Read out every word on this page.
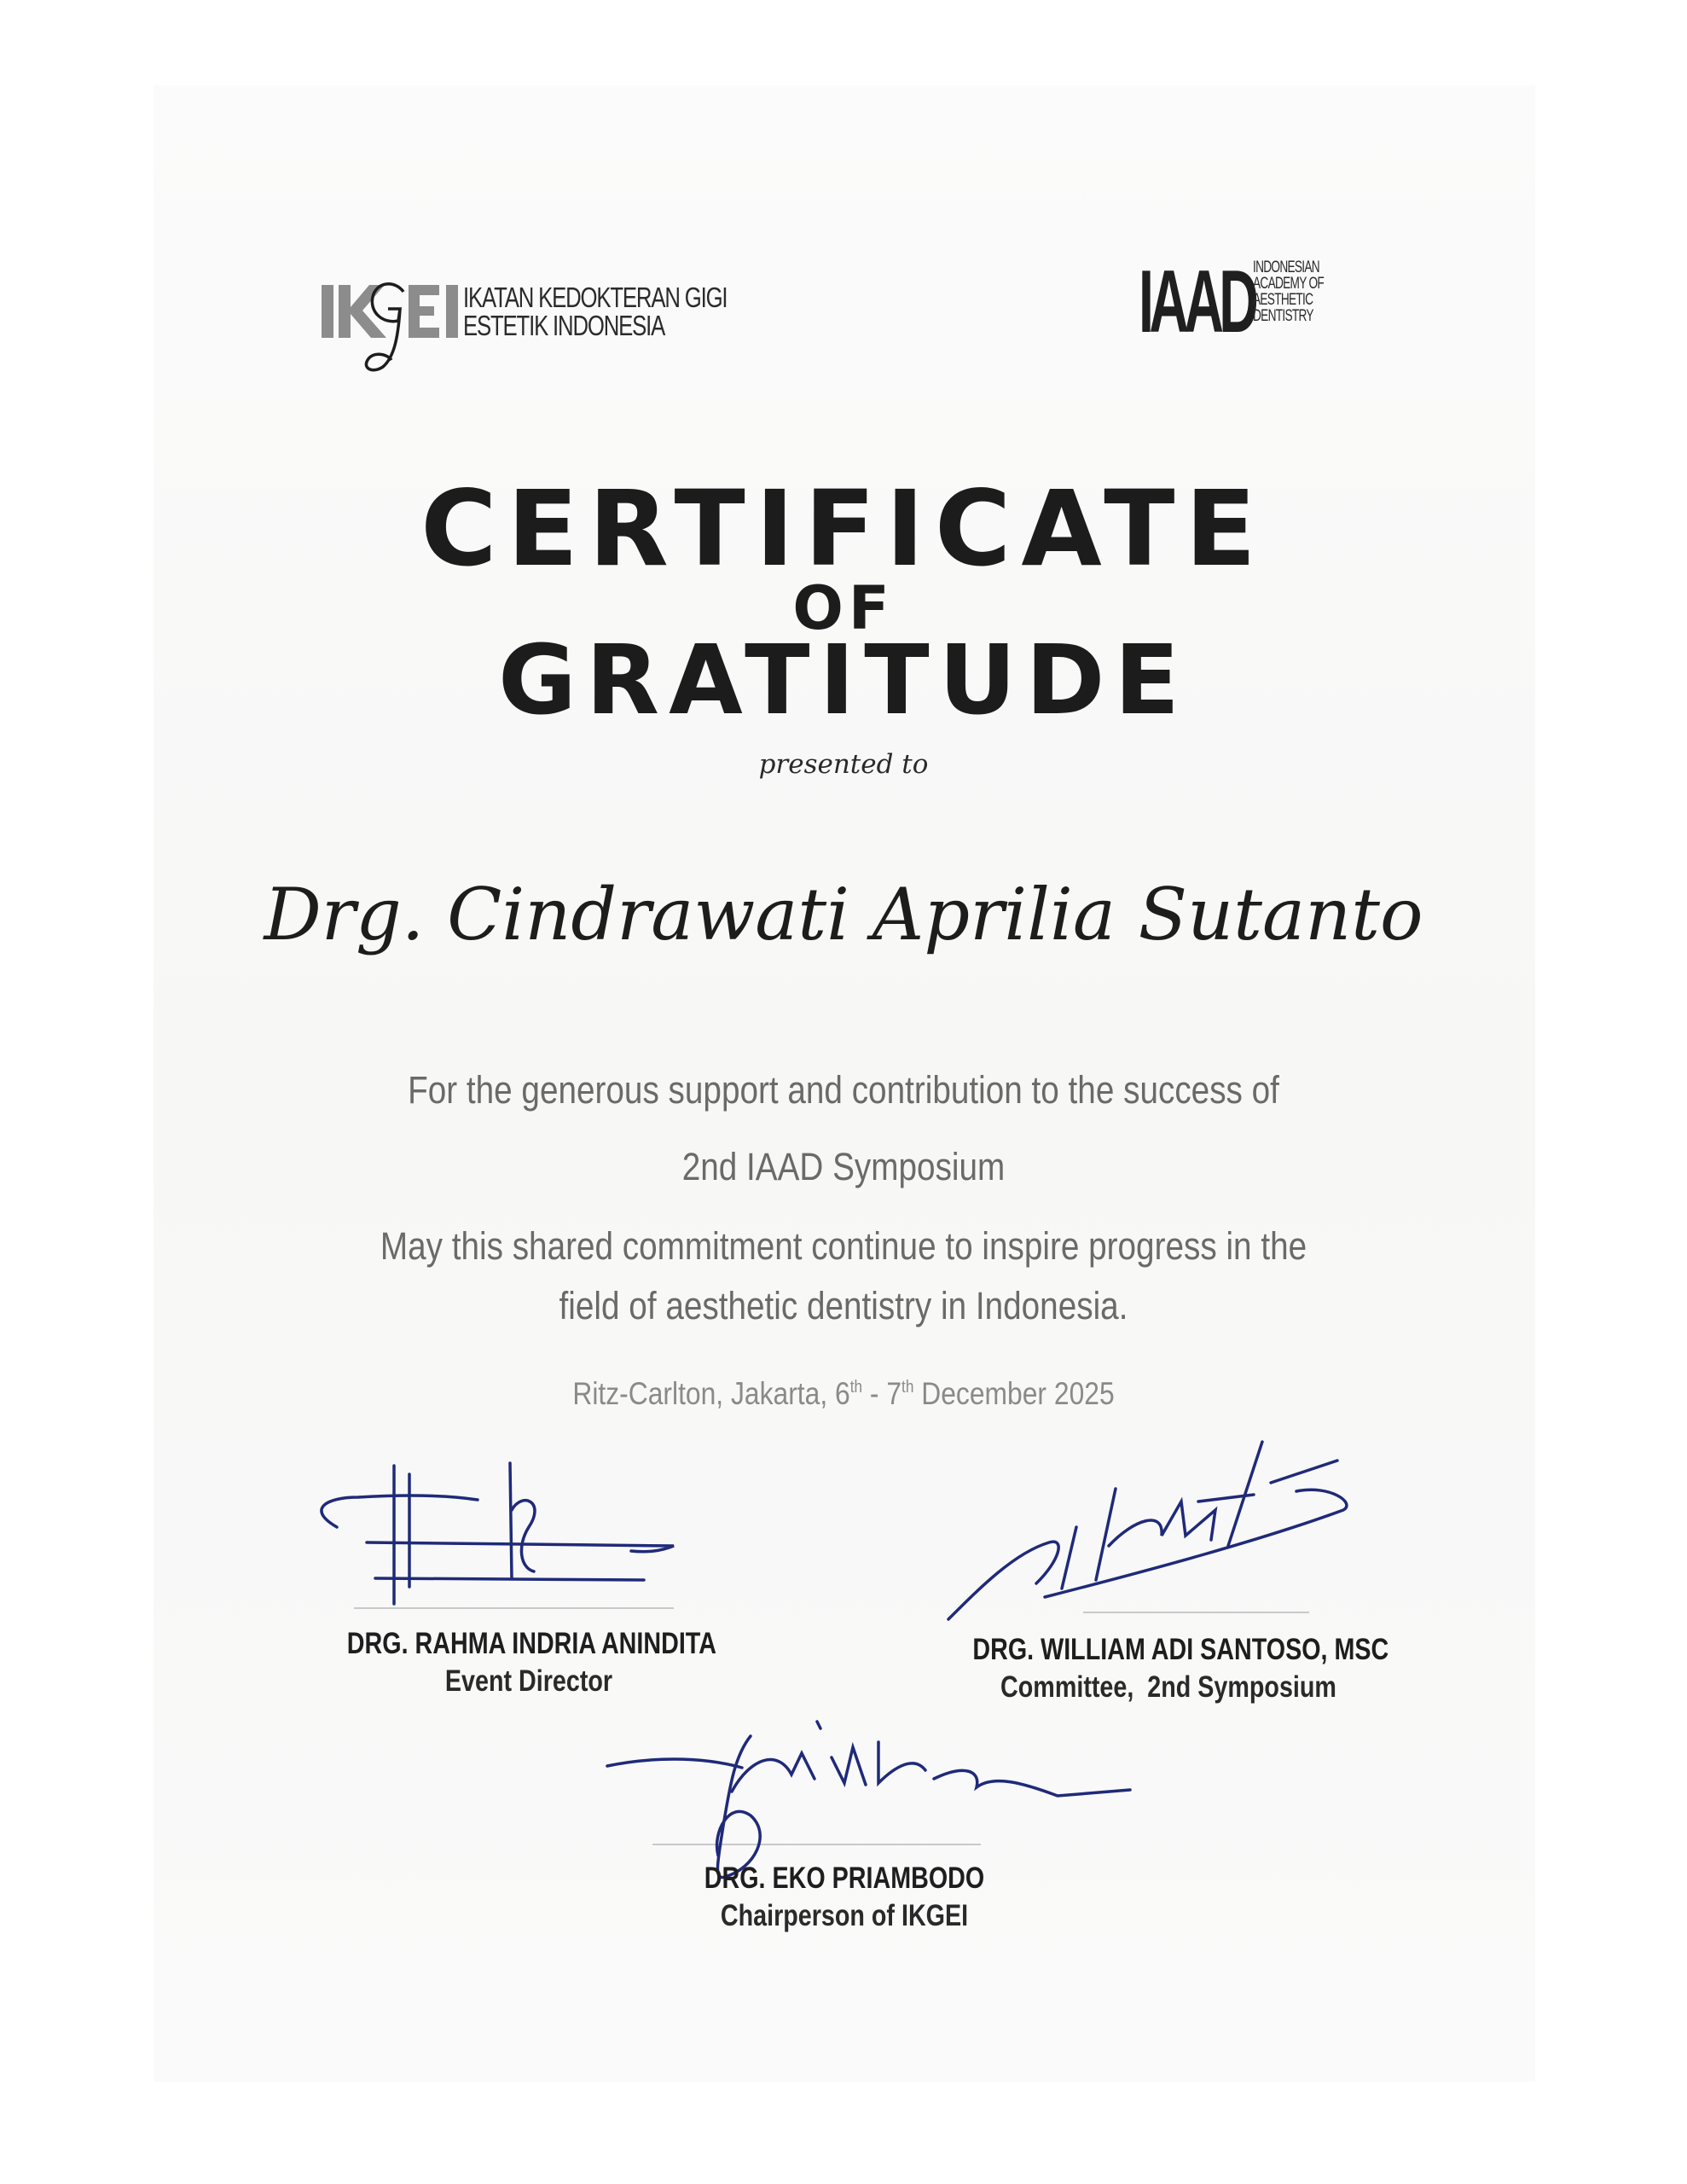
IKATAN KEDOKTERAN GIGI
ESTETIK INDONESIA	IAAD
INDONESIAN
ACADEMY OF
AESTHETIC
DENTISTRY
CERTIFICATE
OF
GRATITUDE
presented to
Drg. Cindrawati Aprilia Sutanto
For the generous support and contribution to the success of
2nd IAAD Symposium
May this shared commitment continue to inspire progress in the
field of aesthetic dentistry in Indonesia.
Ritz-Carlton, Jakarta, 6th - 7th December 2025
DRG. RAHMA INDRIA ANINDITA
Event Director
DRG. WILLIAM ADI SANTOSO, MSC
Committee,  2nd Symposium
DRG. EKO PRIAMBODO
Chairperson of IKGEI
